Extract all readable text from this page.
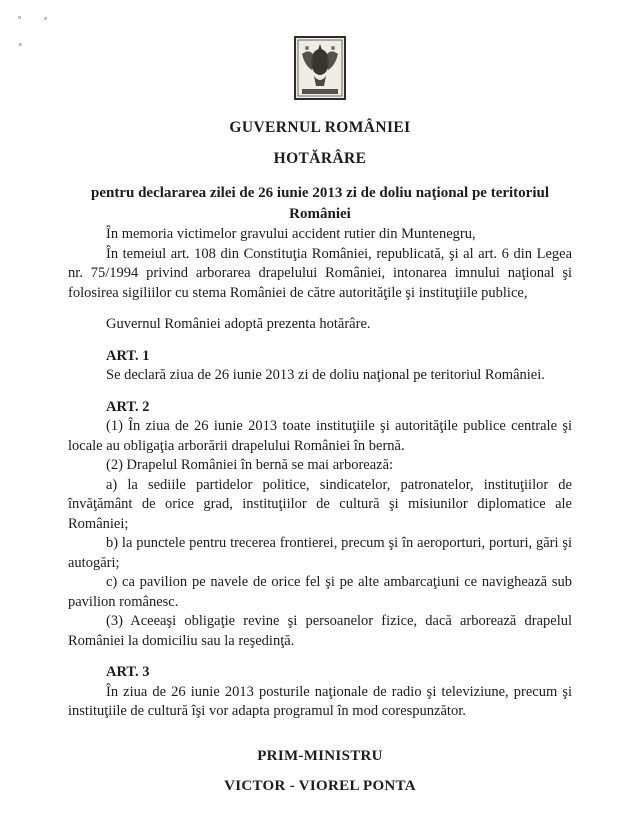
GUVERNUL ROMÂNIEI
HOTĂRÂRE
pentru declararea zilei de 26 iunie 2013 zi de doliu naţional pe teritoriul României

În memoria victimelor gravului accident rutier din Muntenegru,

În temeiul art. 108 din Constituţia României, republicată, şi al art. 6 din Legea nr. 75/1994 privind arborarea drapelului României, intonarea imnului naţional şi folosirea sigiliilor cu stema României de către autorităţile şi instituţiile publice,

Guvernul României adoptă prezenta hotărâre.

ART. 1

Se declară ziua de 26 iunie 2013 zi de doliu naţional pe teritoriul României.

ART. 2

(1) În ziua de 26 iunie 2013 toate instituţiile şi autorităţile publice centrale şi locale au obligaţia arborării drapelului României în bernă.

(2) Drapelul României în bernă se mai arborează:

a) la sediile partidelor politice, sindicatelor, patronatelor, instituţiilor de învăţământ de orice grad, instituţiilor de cultură şi misiunilor diplomatice ale României;

b) la punctele pentru trecerea frontierei, precum şi în aeroporturi, porturi, gări şi autogări;

c) ca pavilion pe navele de orice fel şi pe alte ambarcaţiuni ce navighează sub pavilion românesc.

(3) Aceeaşi obligaţie revine şi persoanelor fizice, dacă arborează drapelul României la domiciliu sau la reşedinţă.

ART. 3

În ziua de 26 iunie 2013 posturile naţionale de radio şi televiziune, precum şi instituţiile de cultură îşi vor adapta programul în mod corespunzător.

PRIM-MINISTRU
VICTOR - VIOREL PONTA
